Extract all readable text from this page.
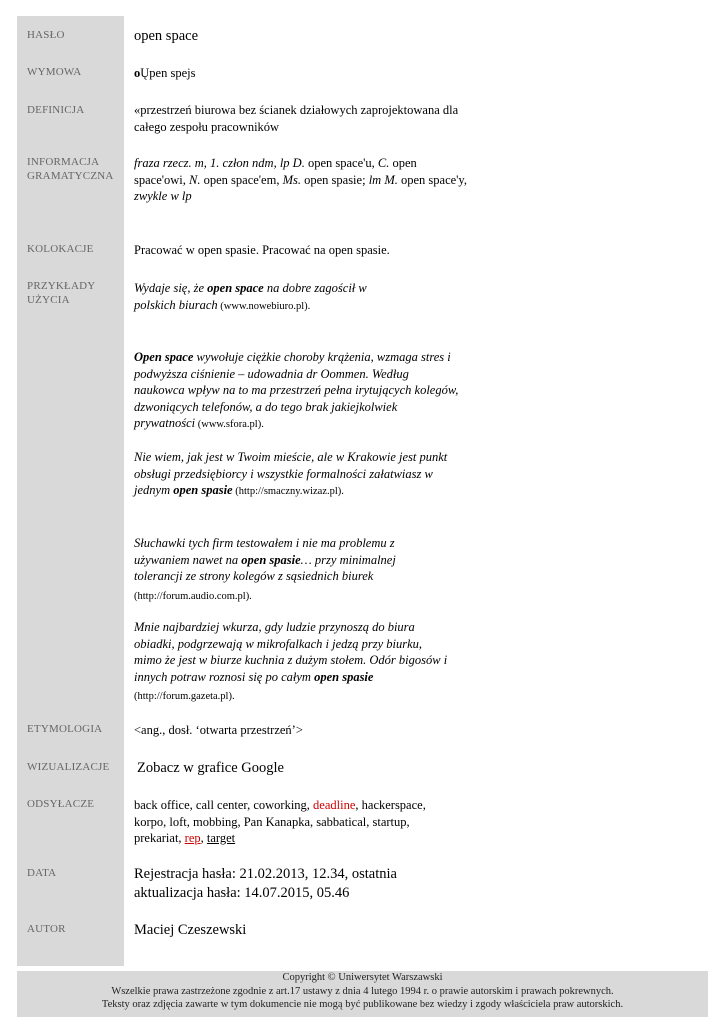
HASŁO
WYMOWA
DEFINICJA
INFORMACJA
GRAMATYCZNA
KOLOKACJE
PRZYKŁADY
UŻYCIA
ETYMOLOGIA
WIZUALIZACJE
ODSYŁACZE
DATA
AUTOR
open space
oŲpen spejs
«przestrzeń biurowa bez ścianek działowych zaprojektowana dla całego zespołu pracowników
fraza rzecz. m, 1. człon ndm, lp D. open space'u, C. open space'owi, N. open space'em, Ms. open spasie; lm M. open space'y, zwykle w lp
Pracować w open spasie. Pracować na open spasie.
Wydaje się, że open space na dobre zagościł w polskich biurach (www.nowebiuro.pl).
Open space wywołuje ciężkie choroby krążenia, wzmaga stres i podwyższa ciśnienie – udowadnia dr Oommen. Według naukowca wpływ na to ma przestrzeń pełna irytujących kolegów, dzwoniących telefonów, a do tego brak jakiejkolwiek prywatności (www.sfora.pl).
Nie wiem, jak jest w Twoim mieście, ale w Krakowie jest punkt obsługi przedsiębiorcy i wszystkie formalności załatwiasz w jednym open spasie (http://smaczny.wizaz.pl).
Słuchawki tych firm testowałem i nie ma problemu z używaniem nawet na open spasie… przy minimalnej tolerancji ze strony kolegów z sąsiednich biurek (http://forum.audio.com.pl).
Mnie najbardziej wkurza, gdy ludzie przynoszą do biura obiadki, podgrzewają w mikrofalkach i jedzą przy biurku, mimo że jest w biurze kuchnia z dużym stołem. Odór bigosów i innych potraw roznosi się po całym open spasie (http://forum.gazeta.pl).
<ang., dosł. ‘otwarta przestrzeń’>
Zobacz w grafice Google
back office, call center, coworking, deadline, hackerspace, korpo, loft, mobbing, Pan Kanapka, sabbatical, startup, prekariat, rep, target
Rejestracja hasła: 21.02.2013, 12.34, ostatnia aktualizacja hasła: 14.07.2015, 05.46
Maciej Czeszewski
Copyright © Uniwersytet Warszawski
Wszelkie prawa zastrzeżone zgodnie z art.17 ustawy z dnia 4 lutego 1994 r. o prawie autorskim i prawach pokrewnych.
Teksty oraz zdjęcia zawarte w tym dokumencie nie mogą być publikowane bez wiedzy i zgody właściciela praw autorskich.
